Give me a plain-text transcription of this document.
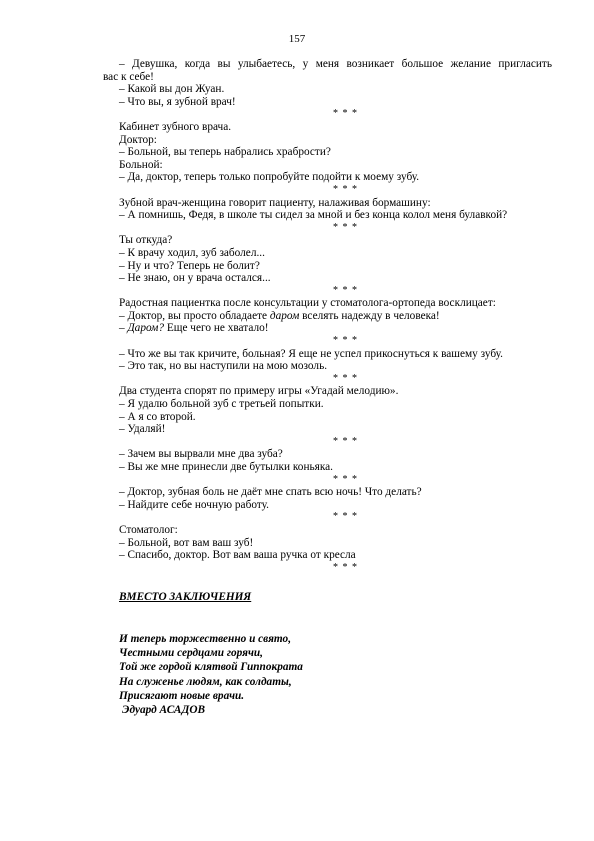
157
– Девушка, когда вы улыбаетесь, у меня возникает большое желание пригласить
вас к себе!
– Какой вы дон Жуан.
– Что вы, я зубной врач!
* * *
Кабинет зубного врача.
Доктор:
– Больной, вы теперь набрались храбрости?
Больной:
– Да, доктор, теперь только попробуйте подойти к моему зубу.
* * *
Зубной врач-женщина говорит пациенту, налаживая бормашину:
– А помнишь, Федя, в школе ты сидел за мной и без конца колол меня булавкой?
* * *
Ты откуда?
– К врачу ходил, зуб заболел...
– Ну и что? Теперь не болит?
– Не знаю, он у врача остался...
* * *
Радостная пациентка после консультации у стоматолога-ортопеда восклицает:
– Доктор, вы просто обладаете даром вселять надежду в человека!
– Даром? Еще чего не хватало!
* * *
– Что же вы так кричите, больная? Я еще не успел прикоснуться к вашему зубу.
– Это так, но вы наступили на мою мозоль.
* * *
Два студента спорят по примеру игры «Угадай мелодию».
– Я удалю больной зуб с третьей попытки.
– А я со второй.
– Удаляй!
* * *
– Зачем вы вырвали мне два зуба?
– Вы же мне принесли две бутылки коньяка.
* * *
– Доктор, зубная боль не даёт мне спать всю ночь! Что делать?
– Найдите себе ночную работу.
* * *
Стоматолог:
– Больной, вот вам ваш зуб!
– Спасибо, доктор. Вот вам ваша ручка от кресла
* * *
ВМЕСТО ЗАКЛЮЧЕНИЯ
И теперь торжественно и свято,
Честными сердцами горячи,
Той же гордой клятвой Гиппократа
На служенье людям, как солдаты,
Присягают новые врачи.
Эдуард АСАДОВ
